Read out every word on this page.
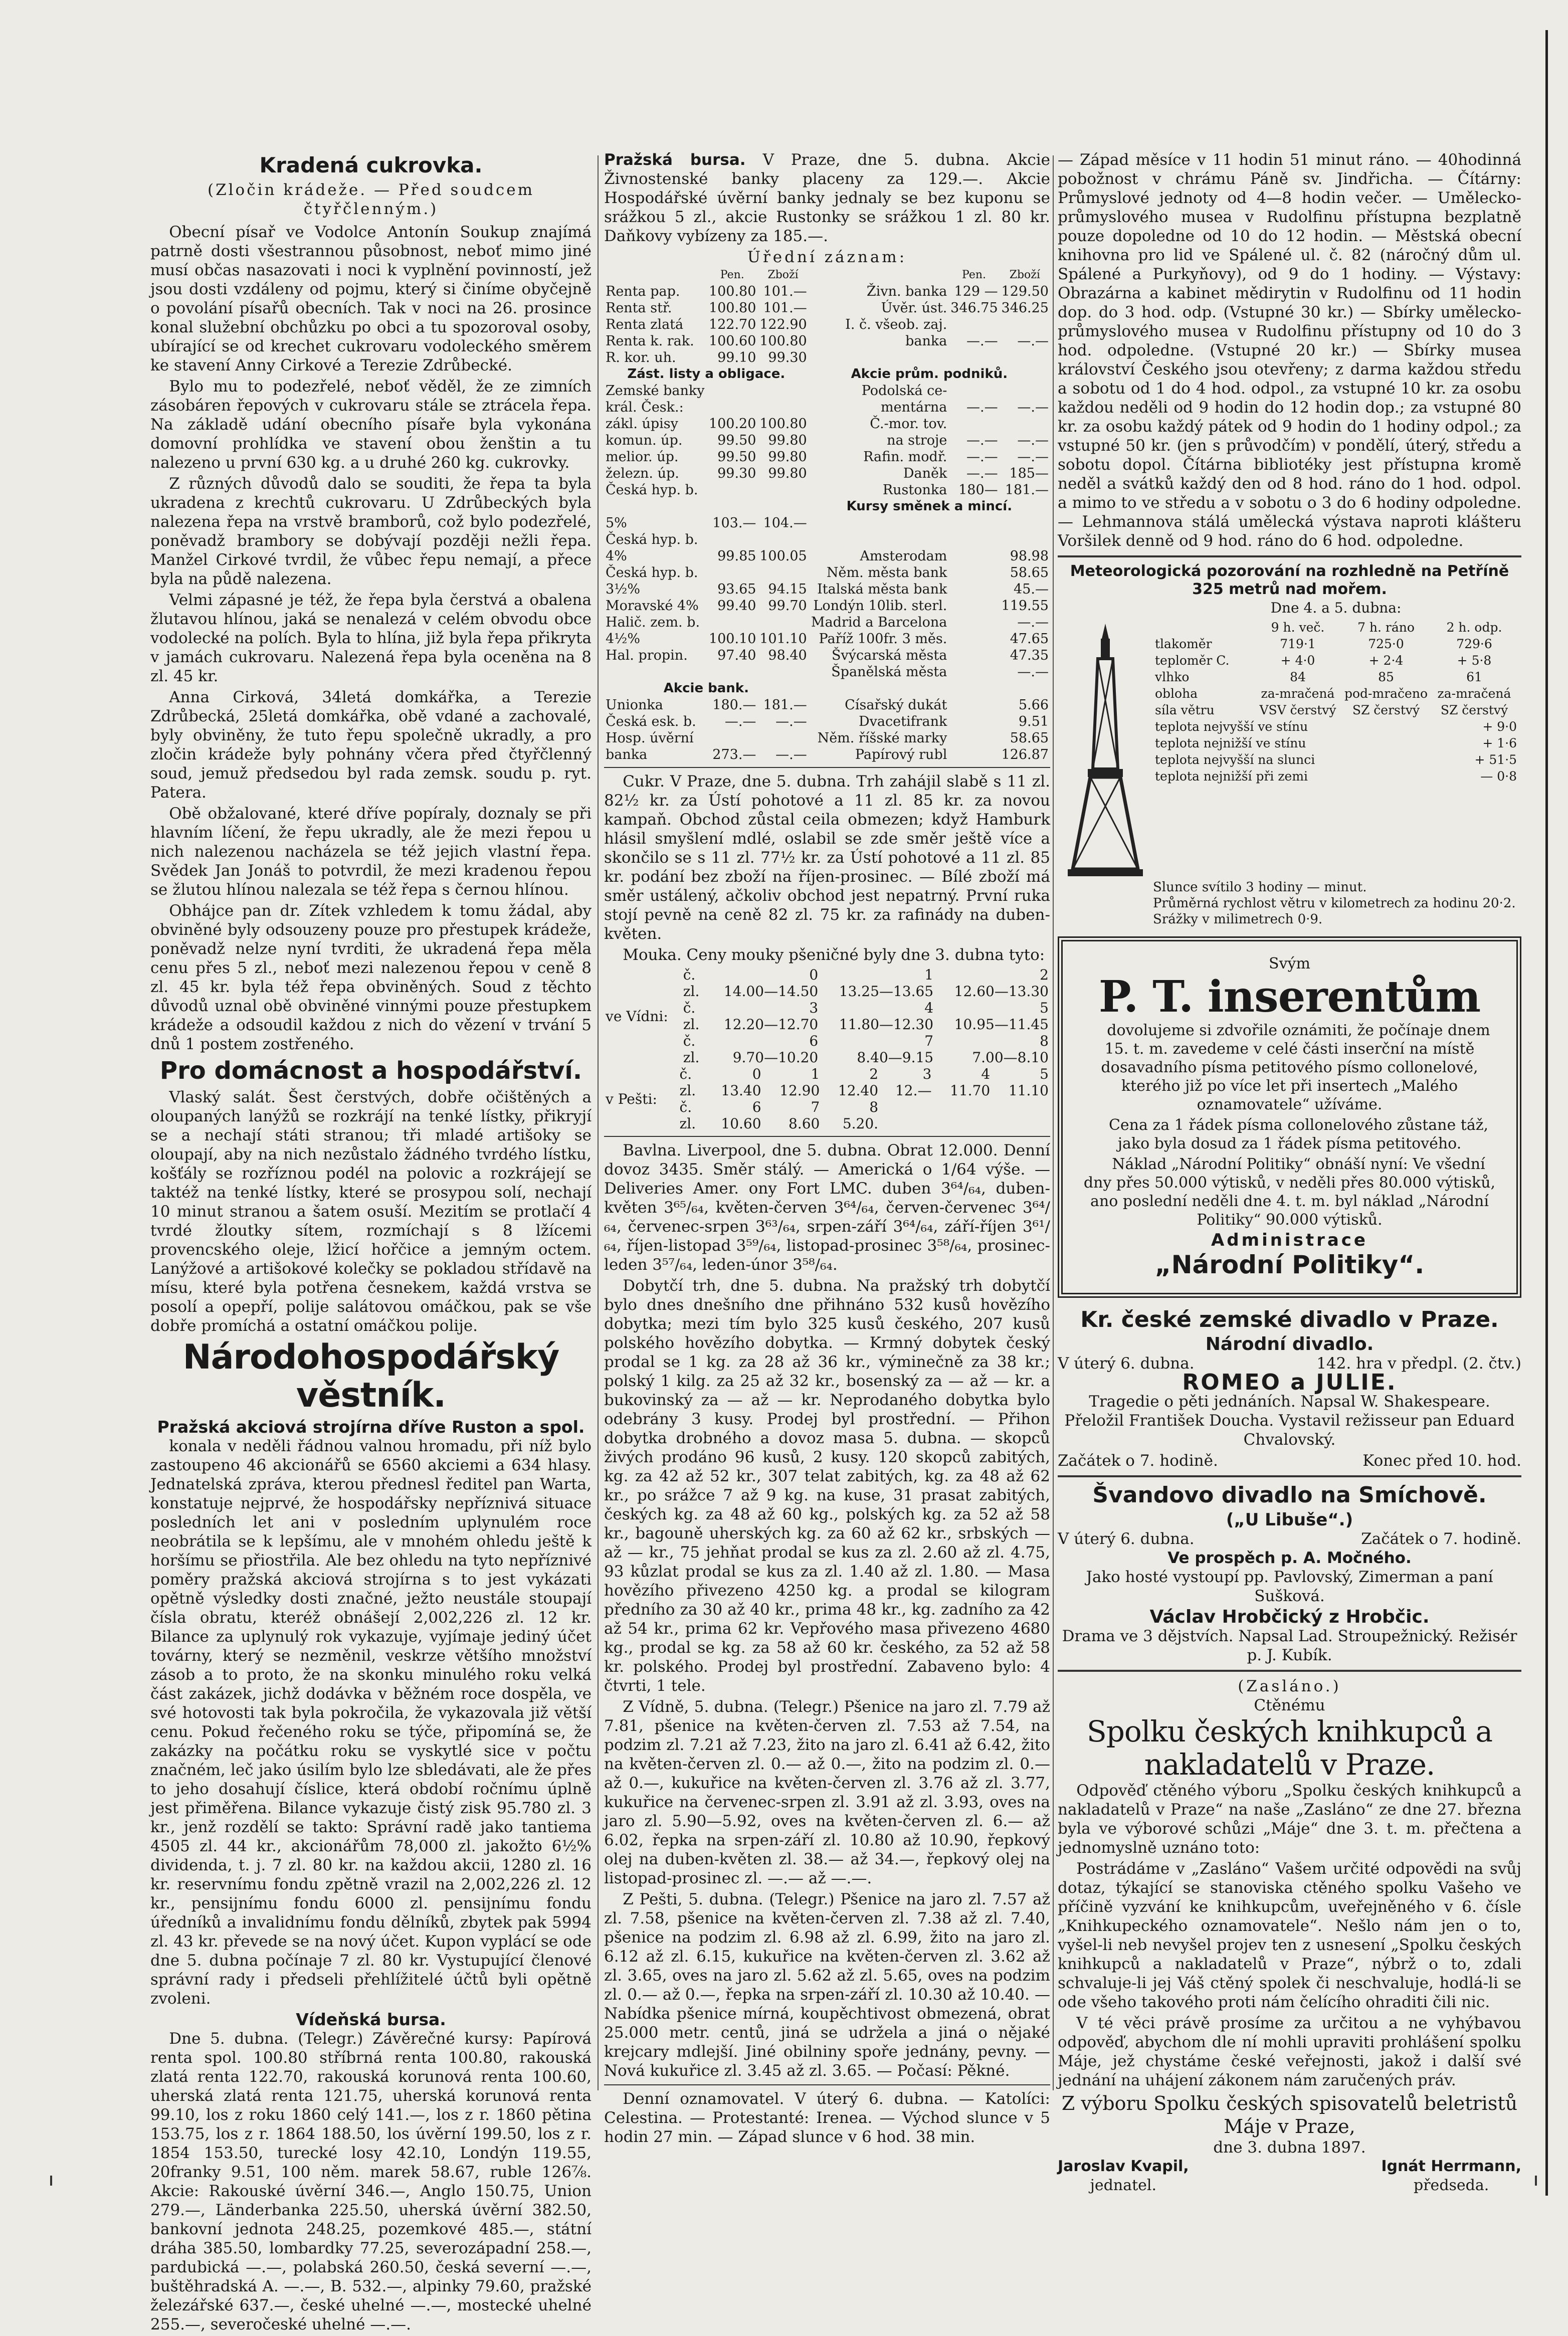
Kradená cukrovka.
(Zločin krádeže. — Před soudcem čtyřčlenným.)

Obecní písař ve Vodolce Antonín Soukup znajímá patrně dosti všestrannou působnost, neboť mimo jiné musí občas nasazovati i noci k vyplnění povinností, jež jsou dosti vzdáleny od pojmu, který si činíme obyčejně o povolání písařů obecních. Tak v noci na 26. prosince konal služební obchůzku po obci a tu spozoroval osoby, ubírající se od krechet cukrovaru vodoleckého směrem ke stavení Anny Cirkové a Terezie Zdrůbecké.

Bylo mu to podezřelé, neboť věděl, že ze zimních zásobáren řepových v cukrovaru stále se ztrácela řepa. Na základě udání obecního písaře byla vykonána domovní prohlídka ve stavení obou ženštin a tu nalezeno u první 630 kg. a u druhé 260 kg. cukrovky.

Z různých důvodů dalo se souditi, že řepa ta byla ukradena z krechtů cukrovaru. U Zdrůbeckých byla nalezena řepa na vrstvě bramborů, což bylo podezřelé, poněvadž brambory se dobývají později nežli řepa. Manžel Cirkové tvrdil, že vůbec řepu nemají, a přece byla na půdě nalezena.

Velmi zápasné je též, že řepa byla čerstvá a obalena žlutavou hlínou, jaká se nenalezá v celém obvodu obce vodolecké na polích. Byla to hlína, již byla řepa přikryta v jamách cukrovaru. Nalezená řepa byla oceněna na 8 zl. 45 kr.

Anna Cirková, 34letá domkářka, a Terezie Zdrůbecká, 25letá domkářka, obě vdané a zachovalé, byly obviněny, že tuto řepu společně ukradly, a pro zločin krádeže byly pohnány včera před čtyřčlenný soud, jemuž předsedou byl rada zemsk. soudu p. ryt. Patera.

Obě obžalované, které dříve popíraly, doznaly se při hlavním líčení, že řepu ukradly, ale že mezi řepou u nich nalezenou nacházela se též jejich vlastní řepa. Svědek Jan Jonáš to potvrdil, že mezi kradenou řepou se žlutou hlínou nalezala se též řepa s černou hlínou.

Obhájce pan dr. Zítek vzhledem k tomu žádal, aby obviněné byly odsouzeny pouze pro přestupek krádeže, poněvadž nelze nyní tvrditi, že ukradená řepa měla cenu přes 5 zl., neboť mezi nalezenou řepou v ceně 8 zl. 45 kr. byla též řepa obviněných. Soud z těchto důvodů uznal obě obviněné vinnými pouze přestupkem krádeže a odsoudil každou z nich do vězení v trvání 5 dnů 1 postem zostřeného.

Pro domácnost a hospodářství.

Vlaský salát. Šest čerstvých, dobře očištěných a oloupaných lanýžů se rozkrájí na tenké lístky, přikryjí se a nechají státi stranou; tři mladé artišoky se oloupají, aby na nich nezůstalo žádného tvrdého lístku, košťály se rozříznou podél na polovic a rozkrájejí se taktéž na tenké lístky, které se prosypou solí, nechají 10 minut stranou a šatem osuší. Mezitím se protlačí 4 tvrdé žloutky sítem, rozmíchají s 8 lžícemi provencského oleje, lžicí hořčice a jemným octem. Lanýžové a artišokové kolečky se pokladou střídavě na mísu, které byla potřena česnekem, každá vrstva se posolí a opepří, polije salátovou omáčkou, pak se vše dobře promíchá a ostatní omáčkou polije.

Národohospodářský věstník.
Pražská akciová strojírna dříve Ruston a spol.

konala v neděli řádnou valnou hromadu, při níž bylo zastoupeno 46 akcionářů se 6560 akciemi a 634 hlasy. Jednatelská zpráva, kterou přednesl ředitel pan Warta, konstatuje nejprvé, že hospodářsky nepříznivá situace posledních let ani v posledním uplynulém roce neobrátila se k lepšímu, ale v mnohém ohledu ještě k horšímu se přiostřila. Ale bez ohledu na tyto nepříznivé poměry pražská akciová strojírna s to jest vykázati opětně výsledky dosti značné, ježto neustále stoupají čísla obratu, kteréž obnášejí 2,002,226 zl. 12 kr. Bilance za uplynulý rok vykazuje, vyjímaje jediný účet továrny, který se nezměnil, veskrze většího množství zásob a to proto, že na skonku minulého roku velká část zakázek, jichž dodávka v běžném roce dospěla, ve své hotovosti tak byla pokročila, že vykazovala již větší cenu. Pokud řečeného roku se týče, připomíná se, že zakázky na počátku roku se vyskytlé sice v počtu značném, leč jako úsilím bylo lze sbledávati, ale že přes to jeho dosahují číslice, která období ročnímu úplně jest přiměřena. Bilance vykazuje čistý zisk 95.780 zl. 3 kr., jenž rozdělí se takto: Správní radě jako tantiema 4505 zl. 44 kr., akcionářům 78,000 zl. jakožto 6½% dividenda, t. j. 7 zl. 80 kr. na každou akcii, 1280 zl. 16 kr. reservnímu fondu zpětně vrazil na 2,002,226 zl. 12 kr., pensijnímu fondu 6000 zl. pensijnímu fondu úředníků a invalidnímu fondu dělníků, zbytek pak 5994 zl. 43 kr. převede se na nový účet. Kupon vyplácí se ode dne 5. dubna počínaje 7 zl. 80 kr. Vystupující členové správní rady i předseli přehlížitelé účtů byli opětně zvoleni.

Vídeňská bursa.

Dne 5. dubna. (Telegr.) Závěrečné kursy: Papírová renta spol. 100.80 stříbrná renta 100.80, rakouská zlatá renta 122.70, rakouská korunová renta 100.60, uherská zlatá renta 121.75, uherská korunová renta 99.10, los z roku 1860 celý 141.—, los z r. 1860 pětina 153.75, los z r. 1864 188.50, los úvěrní 199.50, los z r. 1854 153.50, turecké losy 42.10, Londýn 119.55, 20franky 9.51, 100 něm. marek 58.67, ruble 126⅞. Akcie: Rakouské úvěrní 346.—, Anglo 150.75, Union 279.—, Länderbanka 225.50, uherská úvěrní 382.50, bankovní jednota 248.25, pozemkové 485.—, státní dráha 385.50, lombardky 77.25, severozápadní 258.—, pardubická —.—, polabská 260.50, česká severní —.—, buštěhradská A. —.—, B. 532.—, alpinky 79.60, pražské železářské 637.—, české uhelné —.—, mostecké uhelné 255.—, severočeské uhelné —.—.

Pražská bursa. V Praze, dne 5. dubna. Akcie Živnostenské banky placeny za 129.—. Akcie Hospodářské úvěrní banky jednaly se bez kuponu se srážkou 5 zl., akcie Rustonky se srážkou 1 zl. 80 kr. Daňkovy vybízeny za 185.—.

Úřední záznam:
	Pen.	Zboží		Pen.	Zboží
Renta pap.	100.80	101.—	Živn. banka	129 —	129.50
Renta stř.	100.80	101.—	Úvěr. úst.	346.75	346.25
Renta zlatá	122.70	122.90	I. č. všeob. zaj.		
Renta k. rak.	100.60	100.80	banka	—.—	—.—
R. kor. uh.	99.10	99.30			
Zást. listy a obligace.			Akcie prům. podniků.		
Zemské banky			Podolská ce-		
král. Česk.:			mentárna	—.—	—.—
zákl. úpisy	100.20	100.80	Č.-mor. tov.		
komun. úp.	99.50	99.80	na stroje	—.—	—.—
melior. úp.	99.50	99.80	Rafin. modř.	—.—	—.—
železn. úp.	99.30	99.80	Daněk	—.—	185—
Česká hyp. b.			Rustonka	180—	181.—
			Kursy směnek a mincí.		
5%	103.—	104.—			
Česká hyp. b.					
4%	99.85	100.05	Amsterodam		98.98
Česká hyp. b.			Něm. města bank		58.65
3½%	93.65	94.15	Italská města bank		45.—
Moravské 4%	99.40	99.70	Londýn 10lib. sterl.		119.55
Halič. zem. b.			Madrid a Barcelona		—.—
4½%	100.10	101.10	Paříž 100fr. 3 měs.		47.65
Hal. propin.	97.40	98.40	Švýcarská města		47.35
			Španělská města		—.—
Akcie bank.					
Unionka	180.—	181.—	Císařský dukát		5.66
Česká esk. b.	—.—	—.—	Dvacetifrank		9.51
Hosp. úvěrní			Něm. říšské marky		58.65
banka	273.—	—.—	Papírový rubl		126.87

Cukr. V Praze, dne 5. dubna. Trh zahájil slabě s 11 zl. 82½ kr. za Ústí pohotové a 11 zl. 85 kr. za novou kampaň. Obchod zůstal ceila obmezen; když Hamburk hlásil smyšlení mdlé, oslabil se zde směr ještě více a skončilo se s 11 zl. 77½ kr. za Ústí pohotové a 11 zl. 85 kr. podání bez zboží na říjen-prosinec. — Bílé zboží má směr ustálený, ačkoliv obchod jest nepatrný. První ruka stojí pevně na ceně 82 zl. 75 kr. za rafinády na duben-květen.

Mouka. Ceny mouky pšeničné byly dne 3. dubna tyto:

ve Vídni:	č.	0	1	2
	zl.	14.00—14.50	13.25—13.65	12.60—13.30
	č.	3	4	5
	zl.	12.20—12.70	11.80—12.30	10.95—11.45
	č.	6	7	8
	zl.	9.70—10.20	8.40—9.15	7.00—8.10
v Pešti:	č.	0	1	2	3	4	5
	zl.	13.40	12.90	12.40	12.—	11.70	11.10
	č.	6	7	8			
	zl.	10.60	8.60	5.20.			

Bavlna. Liverpool, dne 5. dubna. Obrat 12.000. Denní dovoz 3435. Směr stálý. — Americká o 1/64 výše. — Deliveries Amer. ony Fort LMC. duben 3⁶⁴/₆₄, duben-květen 3⁶⁵/₆₄, květen-červen 3⁶⁴/₆₄, červen-červenec 3⁶⁴/₆₄, červenec-srpen 3⁶³/₆₄, srpen-září 3⁶⁴/₆₄, září-říjen 3⁶¹/₆₄, říjen-listopad 3⁵⁹/₆₄, listopad-prosinec 3⁵⁸/₆₄, prosinec-leden 3⁵⁷/₆₄, leden-únor 3⁵⁸/₆₄.

Dobytčí trh, dne 5. dubna. Na pražský trh dobytčí bylo dnes dnešního dne přihnáno 532 kusů hovězího dobytka; mezi tím bylo 325 kusů českého, 207 kusů polského hovězího dobytka. — Krmný dobytek český prodal se 1 kg. za 28 až 36 kr., výminečně za 38 kr.; polský 1 kilg. za 25 až 32 kr., bosenský za — až — kr. a bukovinský za — až — kr. Neprodaného dobytka bylo odebrány 3 kusy. Prodej byl prostřední. — Přihon dobytka drobného a dovoz masa 5. dubna. — skopců živých prodáno 96 kusů, 2 kusy. 120 skopců zabitých, kg. za 42 až 52 kr., 307 telat zabitých, kg. za 48 až 62 kr., po srážce 7 až 9 kg. na kuse, 31 prasat zabitých, českých kg. za 48 až 60 kg., polských kg. za 52 až 58 kr., bagouně uherských kg. za 60 až 62 kr., srbských — až — kr., 75 jehňat prodal se kus za zl. 2.60 až zl. 4.75, 93 kůzlat prodal se kus za zl. 1.40 až zl. 1.80. — Masa hovězího přivezeno 4250 kg. a prodal se kilogram předního za 30 až 40 kr., prima 48 kr., kg. zadního za 42 až 54 kr., prima 62 kr. Vepřového masa přivezeno 4680 kg., prodal se kg. za 58 až 60 kr. českého, za 52 až 58 kr. polského. Prodej byl prostřední. Zabaveno bylo: 4 čtvrti, 1 tele.

Z Vídně, 5. dubna. (Telegr.) Pšenice na jaro zl. 7.79 až 7.81, pšenice na květen-červen zl. 7.53 až 7.54, na podzim zl. 7.21 až 7.23, žito na jaro zl. 6.41 až 6.42, žito na květen-červen zl. 0.— až 0.—, žito na podzim zl. 0.— až 0.—, kukuřice na květen-červen zl. 3.76 až zl. 3.77, kukuřice na červenec-srpen zl. 3.91 až zl. 3.93, oves na jaro zl. 5.90—5.92, oves na květen-červen zl. 6.— až 6.02, řepka na srpen-září zl. 10.80 až 10.90, řepkový olej na duben-květen zl. 38.— až 34.—, řepkový olej na listopad-prosinec zl. —.— až —.—.

Z Pešti, 5. dubna. (Telegr.) Pšenice na jaro zl. 7.57 až zl. 7.58, pšenice na květen-červen zl. 7.38 až zl. 7.40, pšenice na podzim zl. 6.98 až zl. 6.99, žito na jaro zl. 6.12 až zl. 6.15, kukuřice na květen-červen zl. 3.62 až zl. 3.65, oves na jaro zl. 5.62 až zl. 5.65, oves na podzim zl. 0.— až 0.—, řepka na srpen-září zl. 10.30 až 10.40. — Nabídka pšenice mírná, koupěchtivost obmezená, obrat 25.000 metr. centů, jiná se udržela a jiná o nějaké krejcary mdlejší. Jiné obilniny spoře jednány, pevny. — Nová kukuřice zl. 3.45 až zl. 3.65. — Počasí: Pěkné.

Denní oznamovatel. V úterý 6. dubna. — Katolíci: Celestina. — Protestanté: Irenea. — Východ slunce v 5 hodin 27 min. — Západ slunce v 6 hod. 38 min.

— Západ měsíce v 11 hodin 51 minut ráno. — 40hodinná pobožnost v chrámu Páně sv. Jindřicha. — Čítárny: Průmyslové jednoty od 4—8 hodin večer. — Umělecko-průmyslového musea v Rudolfinu přístupna bezplatně pouze dopoledne od 10 do 12 hodin. — Městská obecní knihovna pro lid ve Spálené ul. č. 82 (náročný dům ul. Spálené a Purkyňovy), od 9 do 1 hodiny. — Výstavy: Obrazárna a kabinet mědirytin v Rudolfinu od 11 hodin dop. do 3 hod. odp. (Vstupné 30 kr.) — Sbírky umělecko-průmyslového musea v Rudolfinu přístupny od 10 do 3 hod. odpoledne. (Vstupné 20 kr.) — Sbírky musea království Českého jsou otevřeny; z darma každou středu a sobotu od 1 do 4 hod. odpol., za vstupné 10 kr. za osobu každou neděli od 9 hodin do 12 hodin dop.; za vstupné 80 kr. za osobu každý pátek od 9 hodin do 1 hodiny odpol.; za vstupné 50 kr. (jen s průvodčím) v pondělí, úterý, středu a sobotu dopol. Čítárna bibliotéky jest přístupna kromě neděl a svátků každý den od 8 hod. ráno do 1 hod. odpol. a mimo to ve středu a v sobotu o 3 do 6 hodiny odpoledne. — Lehmannova stálá umělecká výstava naproti klášteru Voršilek denně od 9 hod. ráno do 6 hod. odpoledne.

Meteorologická pozorování na rozhledně na Petříně 325 metrů nad mořem.
Dne 4. a 5. dubna:
	9 h. več.	7 h. ráno	2 h. odp.
tlakoměr	719·1	725·0	729·6
teploměr C.	+ 4·0	+ 2·4	+ 5·8
vlhko	84	85	61
obloha	za-mračená	pod-mračeno	za-mračená
síla větru	VSV čerstvý	SZ čerstvý	SZ čerstvý
teplota nejvyšší ve stínu			+ 9·0
teplota nejnižší ve stínu			+ 1·6
teplota nejvyšší na slunci			+ 51·5
teplota nejnižší při zemi			— 0·8
Slunce svítilo 3 hodiny — minut.
Průměrná rychlost větru v kilometrech za hodinu 20·2.
Srážky v milimetrech 0·9.
Svým
P. T. inserentům

dovolujeme si zdvořile oznámiti, že počínaje dnem 15. t. m. zavedeme v celé části inserční na místě dosavadního písma petitového písmo collonelové, kterého již po více let při insertech „Malého oznamovatele“ užíváme.

Cena za 1 řádek písma collonelového zůstane táž, jako byla dosud za 1 řádek písma petitového.

Náklad „Národní Politiky“ obnáší nyní: Ve všední dny přes 50.000 výtisků, v neděli přes 80.000 výtisků, ano poslední neděli dne 4. t. m. byl náklad „Národní Politiky“ 90.000 výtisků.

Administrace
„Národní Politiky“.
Kr. české zemské divadlo v Praze.
Národní divadlo.
V úterý 6. dubna.	142. hra v předpl. (2. čtv.)
ROMEO a JULIE.

Tragedie o pěti jednáních. Napsal W. Shakespeare. Přeložil František Doucha. Vystavil režisseur pan Eduard Chvalovský.

Začátek o 7. hodině.	Konec před 10. hod.
Švandovo divadlo na Smíchově.
(„U Libuše“.)
V úterý 6. dubna.	Začátek o 7. hodině.
Ve prospěch p. A. Močného.

Jako hosté vystoupí pp. Pavlovský, Zimerman a paní Sušková.

Václav Hrobčický z Hrobčic.

Drama ve 3 dějstvích. Napsal Lad. Stroupežnický. Režisér p. J. Kubík.

(Zasláno.)
Ctěnému
Spolku českých knihkupců a nakladatelů v Praze.

Odpověď ctěného výboru „Spolku českých knihkupců a nakladatelů v Praze“ na naše „Zasláno“ ze dne 27. března byla ve výborové schůzi „Máje“ dne 3. t. m. přečtena a jednomyslně uznáno toto:

Postrádáme v „Zasláno“ Vašem určité odpovědi na svůj dotaz, týkající se stanoviska ctěného spolku Vašeho ve příčině vyzvání ke knihkupcům, uveřejněného v 6. čísle „Knihkupeckého oznamovatele“. Nešlo nám jen o to, vyšel-li neb nevyšel projev ten z usnesení „Spolku českých knihkupců a nakladatelů v Praze“, nýbrž o to, zdali schvaluje-li jej Váš ctěný spolek či neschvaluje, hodlá-li se ode všeho takového proti nám čelícího ohraditi čili nic.

V té věci právě prosíme za určitou a ne vyhýbavou odpověď, abychom dle ní mohli upraviti prohlášení spolku Máje, jež chystáme české veřejnosti, jakož i další své jednání na uhájení zákonem nám zaručených práv.

Z výboru Spolku českých spisovatelů beletristů Máje v Praze,
dne 3. dubna 1897.
Jaroslav Kvapil,
jednatel.
Ignát Herrmann,
předseda.
